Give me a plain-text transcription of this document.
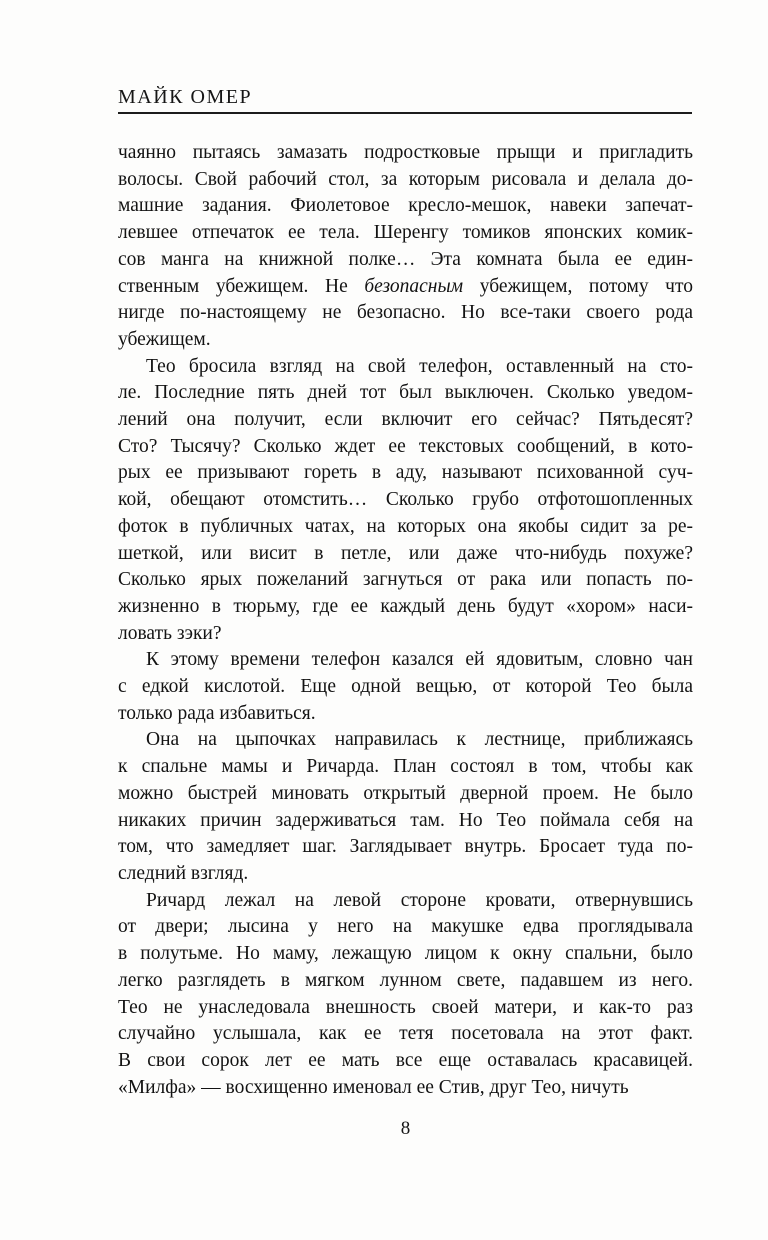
МАЙК ОМЕР
чаянно пытаясь замазать подростковые прыщи и пригладить
волосы. Свой рабочий стол, за которым рисовала и делала до-
машние задания. Фиолетовое кресло-мешок, навеки запечат-
левшее отпечаток ее тела. Шеренгу томиков японских комик-
сов манга на книжной полке… Эта комната была ее един-
ственным убежищем. Не безопасным убежищем, потому что
нигде по-настоящему не безопасно. Но все-таки своего рода
убежищем.
Тео бросила взгляд на свой телефон, оставленный на сто-
ле. Последние пять дней тот был выключен. Сколько уведом-
лений она получит, если включит его сейчас? Пятьдесят?
Сто? Тысячу? Сколько ждет ее текстовых сообщений, в кото-
рых ее призывают гореть в аду, называют психованной суч-
кой, обещают отомстить… Сколько грубо отфотошопленных
фоток в публичных чатах, на которых она якобы сидит за ре-
шеткой, или висит в петле, или даже что-нибудь похуже?
Сколько ярых пожеланий загнуться от рака или попасть по-
жизненно в тюрьму, где ее каждый день будут «хором» наси-
ловать зэки?
К этому времени телефон казался ей ядовитым, словно чан
с едкой кислотой. Еще одной вещью, от которой Тео была
только рада избавиться.
Она на цыпочках направилась к лестнице, приближаясь
к спальне мамы и Ричарда. План состоял в том, чтобы как
можно быстрей миновать открытый дверной проем. Не было
никаких причин задерживаться там. Но Тео поймала себя на
том, что замедляет шаг. Заглядывает внутрь. Бросает туда по-
следний взгляд.
Ричард лежал на левой стороне кровати, отвернувшись
от двери; лысина у него на макушке едва проглядывала
в полутьме. Но маму, лежащую лицом к окну спальни, было
легко разглядеть в мягком лунном свете, падавшем из него.
Тео не унаследовала внешность своей матери, и как-то раз
случайно услышала, как ее тетя посетовала на этот факт.
В свои сорок лет ее мать все еще оставалась красавицей.
«Милфа» — восхищенно именовал ее Стив, друг Тео, ничуть
8
